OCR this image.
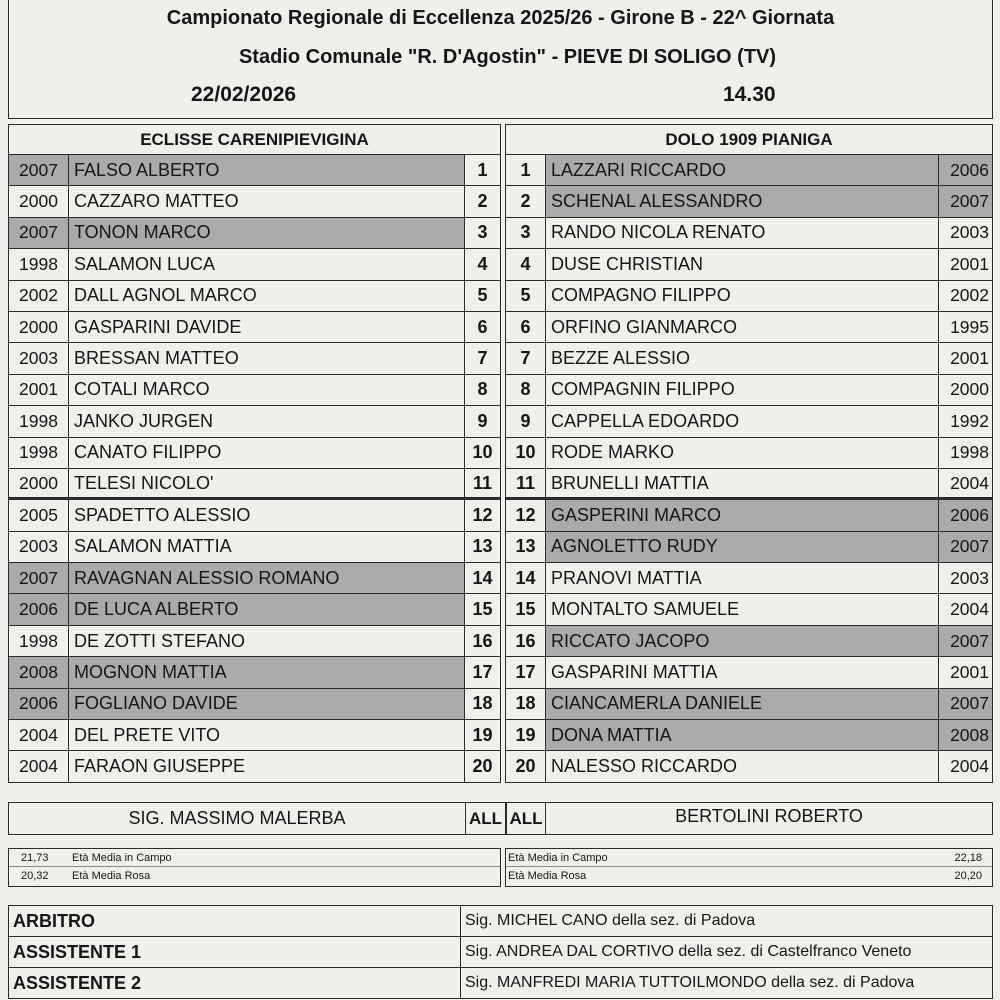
Campionato Regionale di Eccellenza 2025/26 - Girone B - 22^ Giornata
Stadio Comunale "R. D'Agostin" - PIEVE DI SOLIGO (TV)
22/02/2026	14.30
ECLISSE CARENIPIEVIGINA
2007 FALSO ALBERTO	1
2000 CAZZARO MATTEO	2
2007 TONON MARCO	3
1998 SALAMON LUCA	4
2002 DALL AGNOL MARCO	5
2000 GASPARINI DAVIDE	6
2003 BRESSAN MATTEO	7
2001 COTALI MARCO	8
1998 JANKO JURGEN	9
1998 CANATO FILIPPO	10
2000 TELESI NICOLO'	11
2005 SPADETTO ALESSIO	12
2003 SALAMON MATTIA	13
2007 RAVAGNAN ALESSIO ROMANO	14
2006 DE LUCA ALBERTO	15
1998 DE ZOTTI STEFANO	16
2008 MOGNON MATTIA	17
2006 FOGLIANO DAVIDE	18
2004 DEL PRETE VITO	19
2004 FARAON GIUSEPPE	20
DOLO 1909 PIANIGA
1	LAZZARI RICCARDO	2006
2	SCHENAL ALESSANDRO	2007
3	RANDO NICOLA RENATO	2003
4	DUSE CHRISTIAN	2001
5	COMPAGNO FILIPPO	2002
6	ORFINO GIANMARCO	1995
7	BEZZE ALESSIO	2001
8	COMPAGNIN FILIPPO	2000
9	CAPPELLA EDOARDO	1992
10 RODE MARKO	1998
11 BRUNELLI MATTIA	2004
12 GASPERINI MARCO	2006
13 AGNOLETTO RUDY	2007
14 PRANOVI MATTIA	2003
15 MONTALTO SAMUELE	2004
16 RICCATO JACOPO	2007
17 GASPARINI MATTIA	2001
18 CIANCAMERLA DANIELE	2007
19 DONA MATTIA	2008
20 NALESSO RICCARDO	2004
SIG. MASSIMO MALERBA	ALL ALL	BERTOLINI ROBERTO
21,73 Età Media in Campo
20,32 Età Media Rosa
Età Media in Campo	22,18
Età Media Rosa	20,20
ARBITRO	Sig. MICHEL CANO della sez. di Padova
ASSISTENTE 1	Sig. ANDREA DAL CORTIVO della sez. di Castelfranco Veneto
ASSISTENTE 2	Sig. MANFREDI MARIA TUTTOILMONDO della sez. di Padova
